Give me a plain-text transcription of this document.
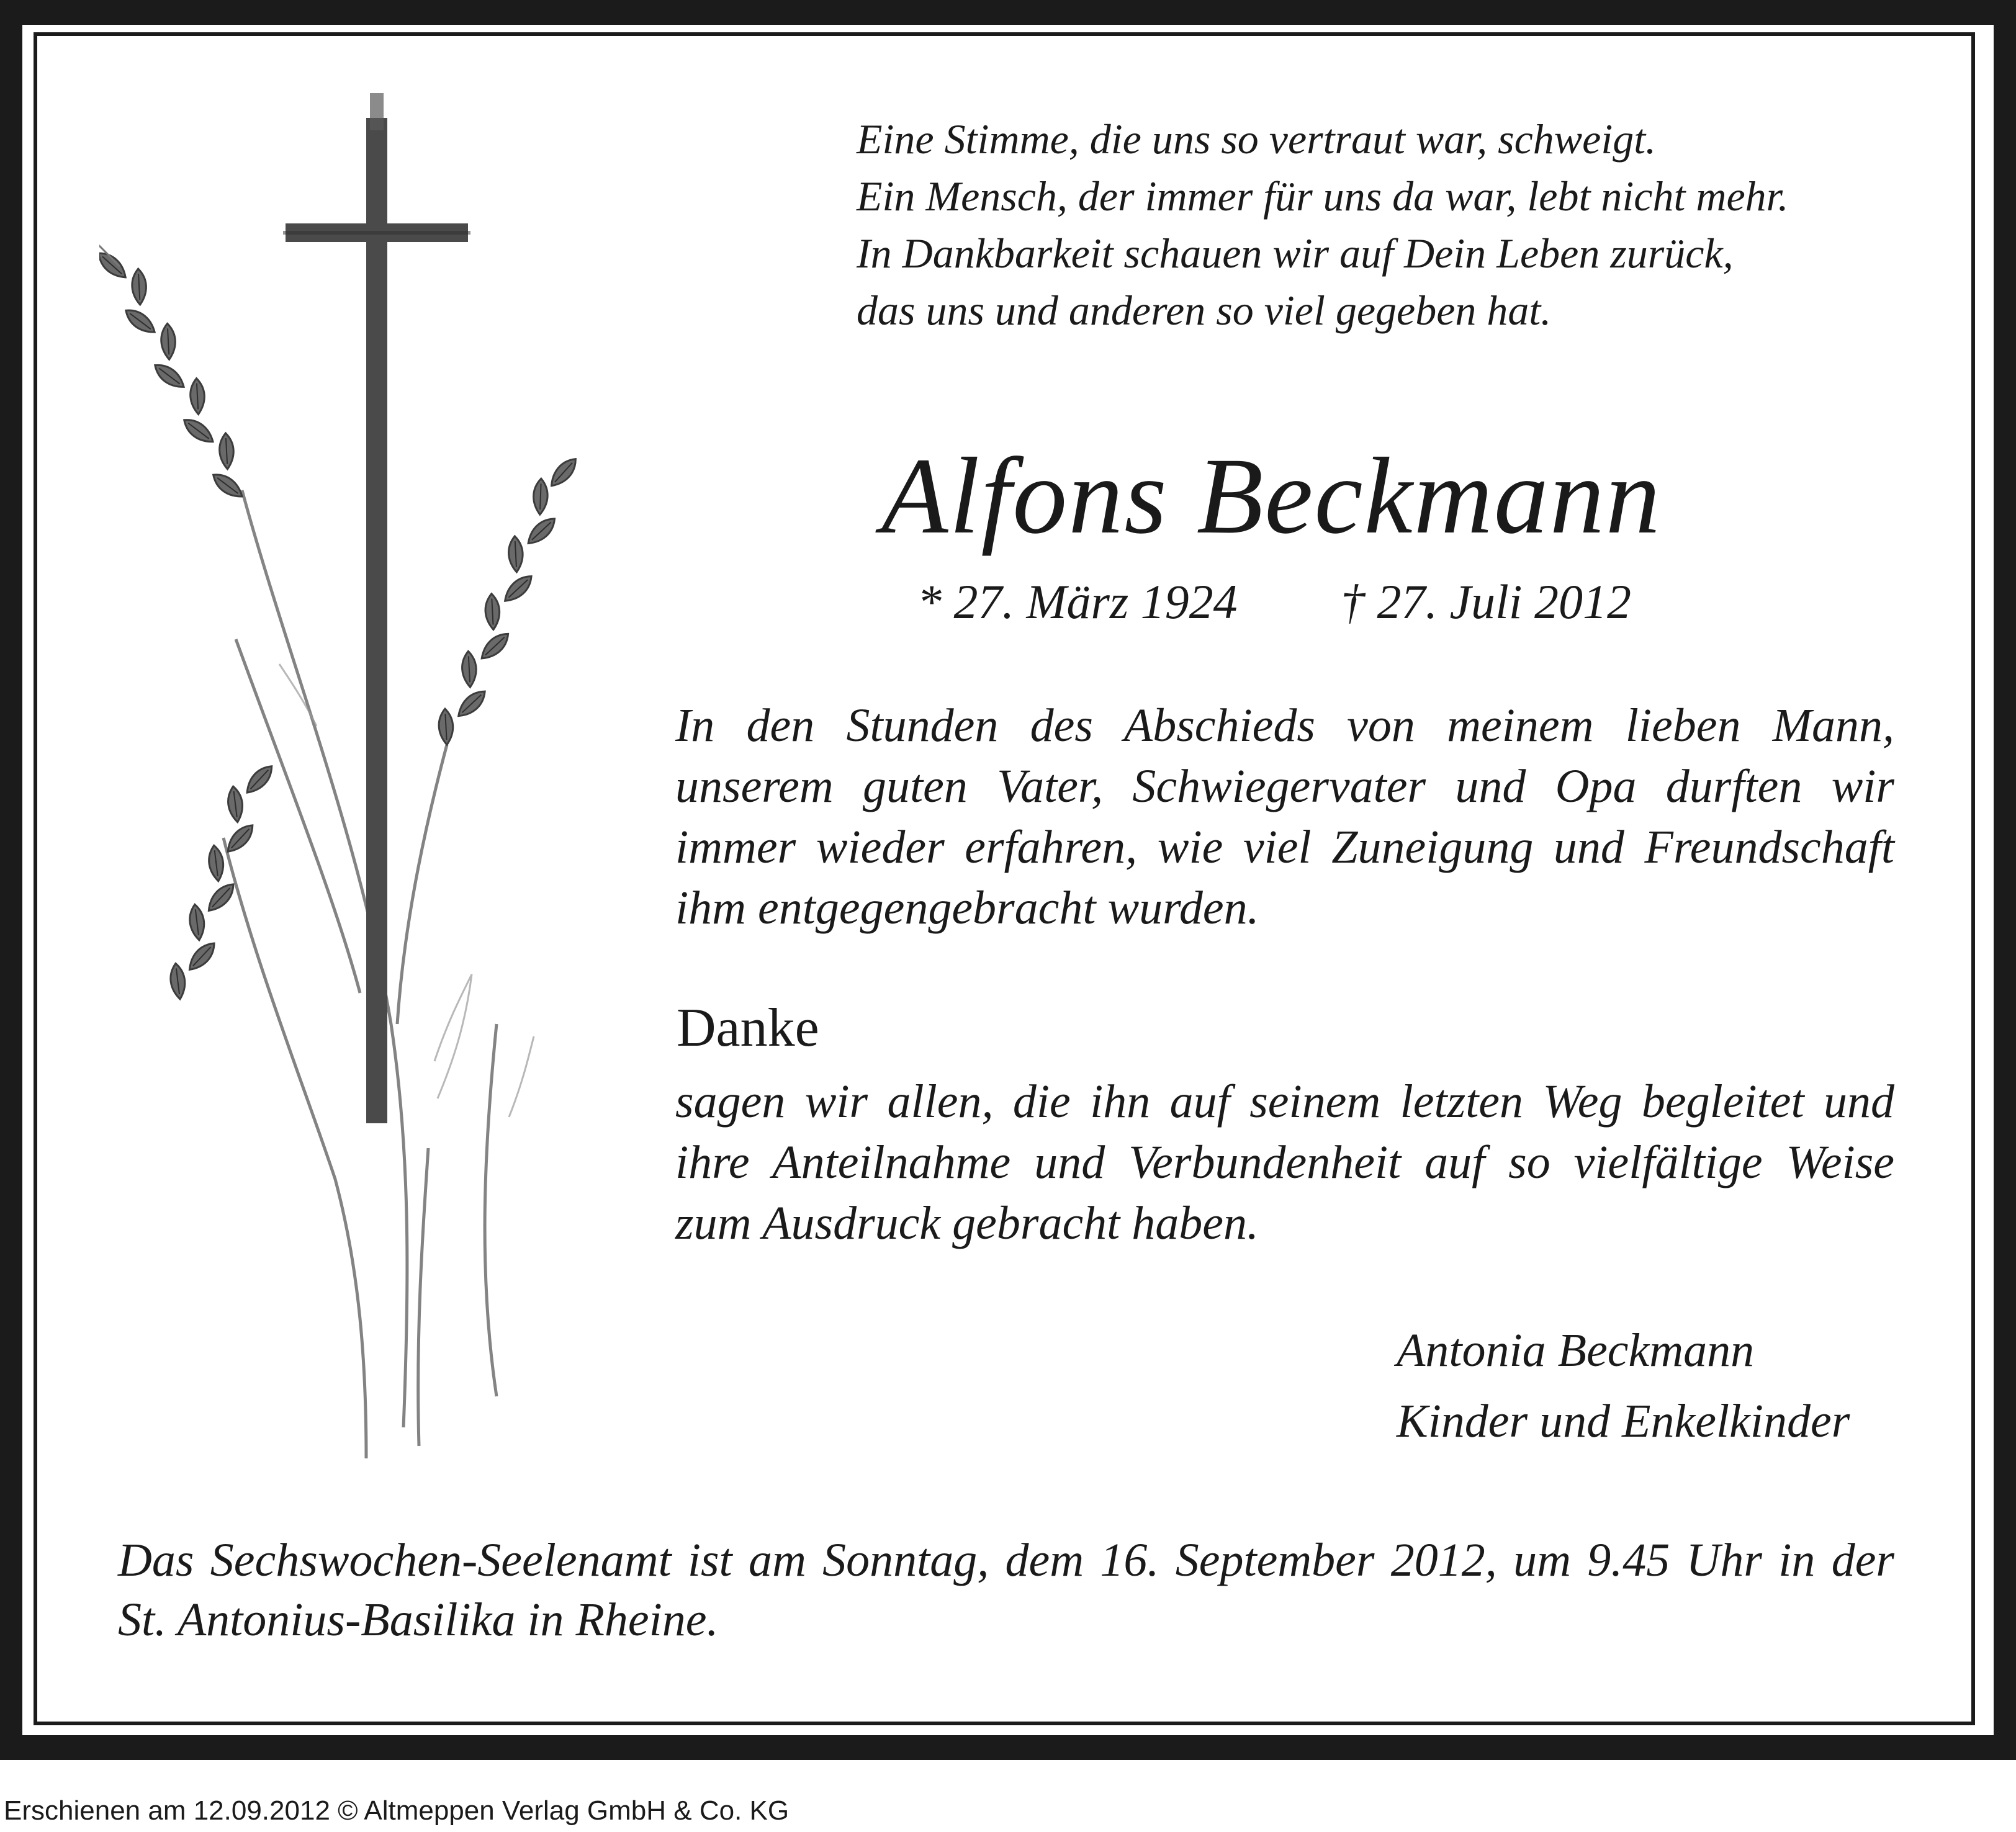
Eine Stimme, die uns so vertraut war, schweigt.
Ein Mensch, der immer für uns da war, lebt nicht mehr.
In Dankbarkeit schauen wir auf Dein Leben zurück,
das uns und anderen so viel gegeben hat.
Alfons Beckmann
* 27. März 1924 † 27. Juli 2012
In den Stunden des Abschieds von meinem lieben Mann, unserem guten Vater, Schwiegervater und Opa durften wir immer wieder erfahren, wie viel Zuneigung und Freundschaft ihm entgegengebracht wurden.
Danke
sagen wir allen, die ihn auf seinem letzten Weg begleitet und ihre Anteilnahme und Verbundenheit auf so vielfältige Weise zum Ausdruck gebracht haben.
Antonia Beckmann
Kinder und Enkelkinder
Das Sechswochen-Seelenamt ist am Sonntag, dem 16. September 2012, um 9.45 Uhr in der St. Antonius-Basilika in Rheine.
Erschienen am 12.09.2012 © Altmeppen Verlag GmbH & Co. KG
